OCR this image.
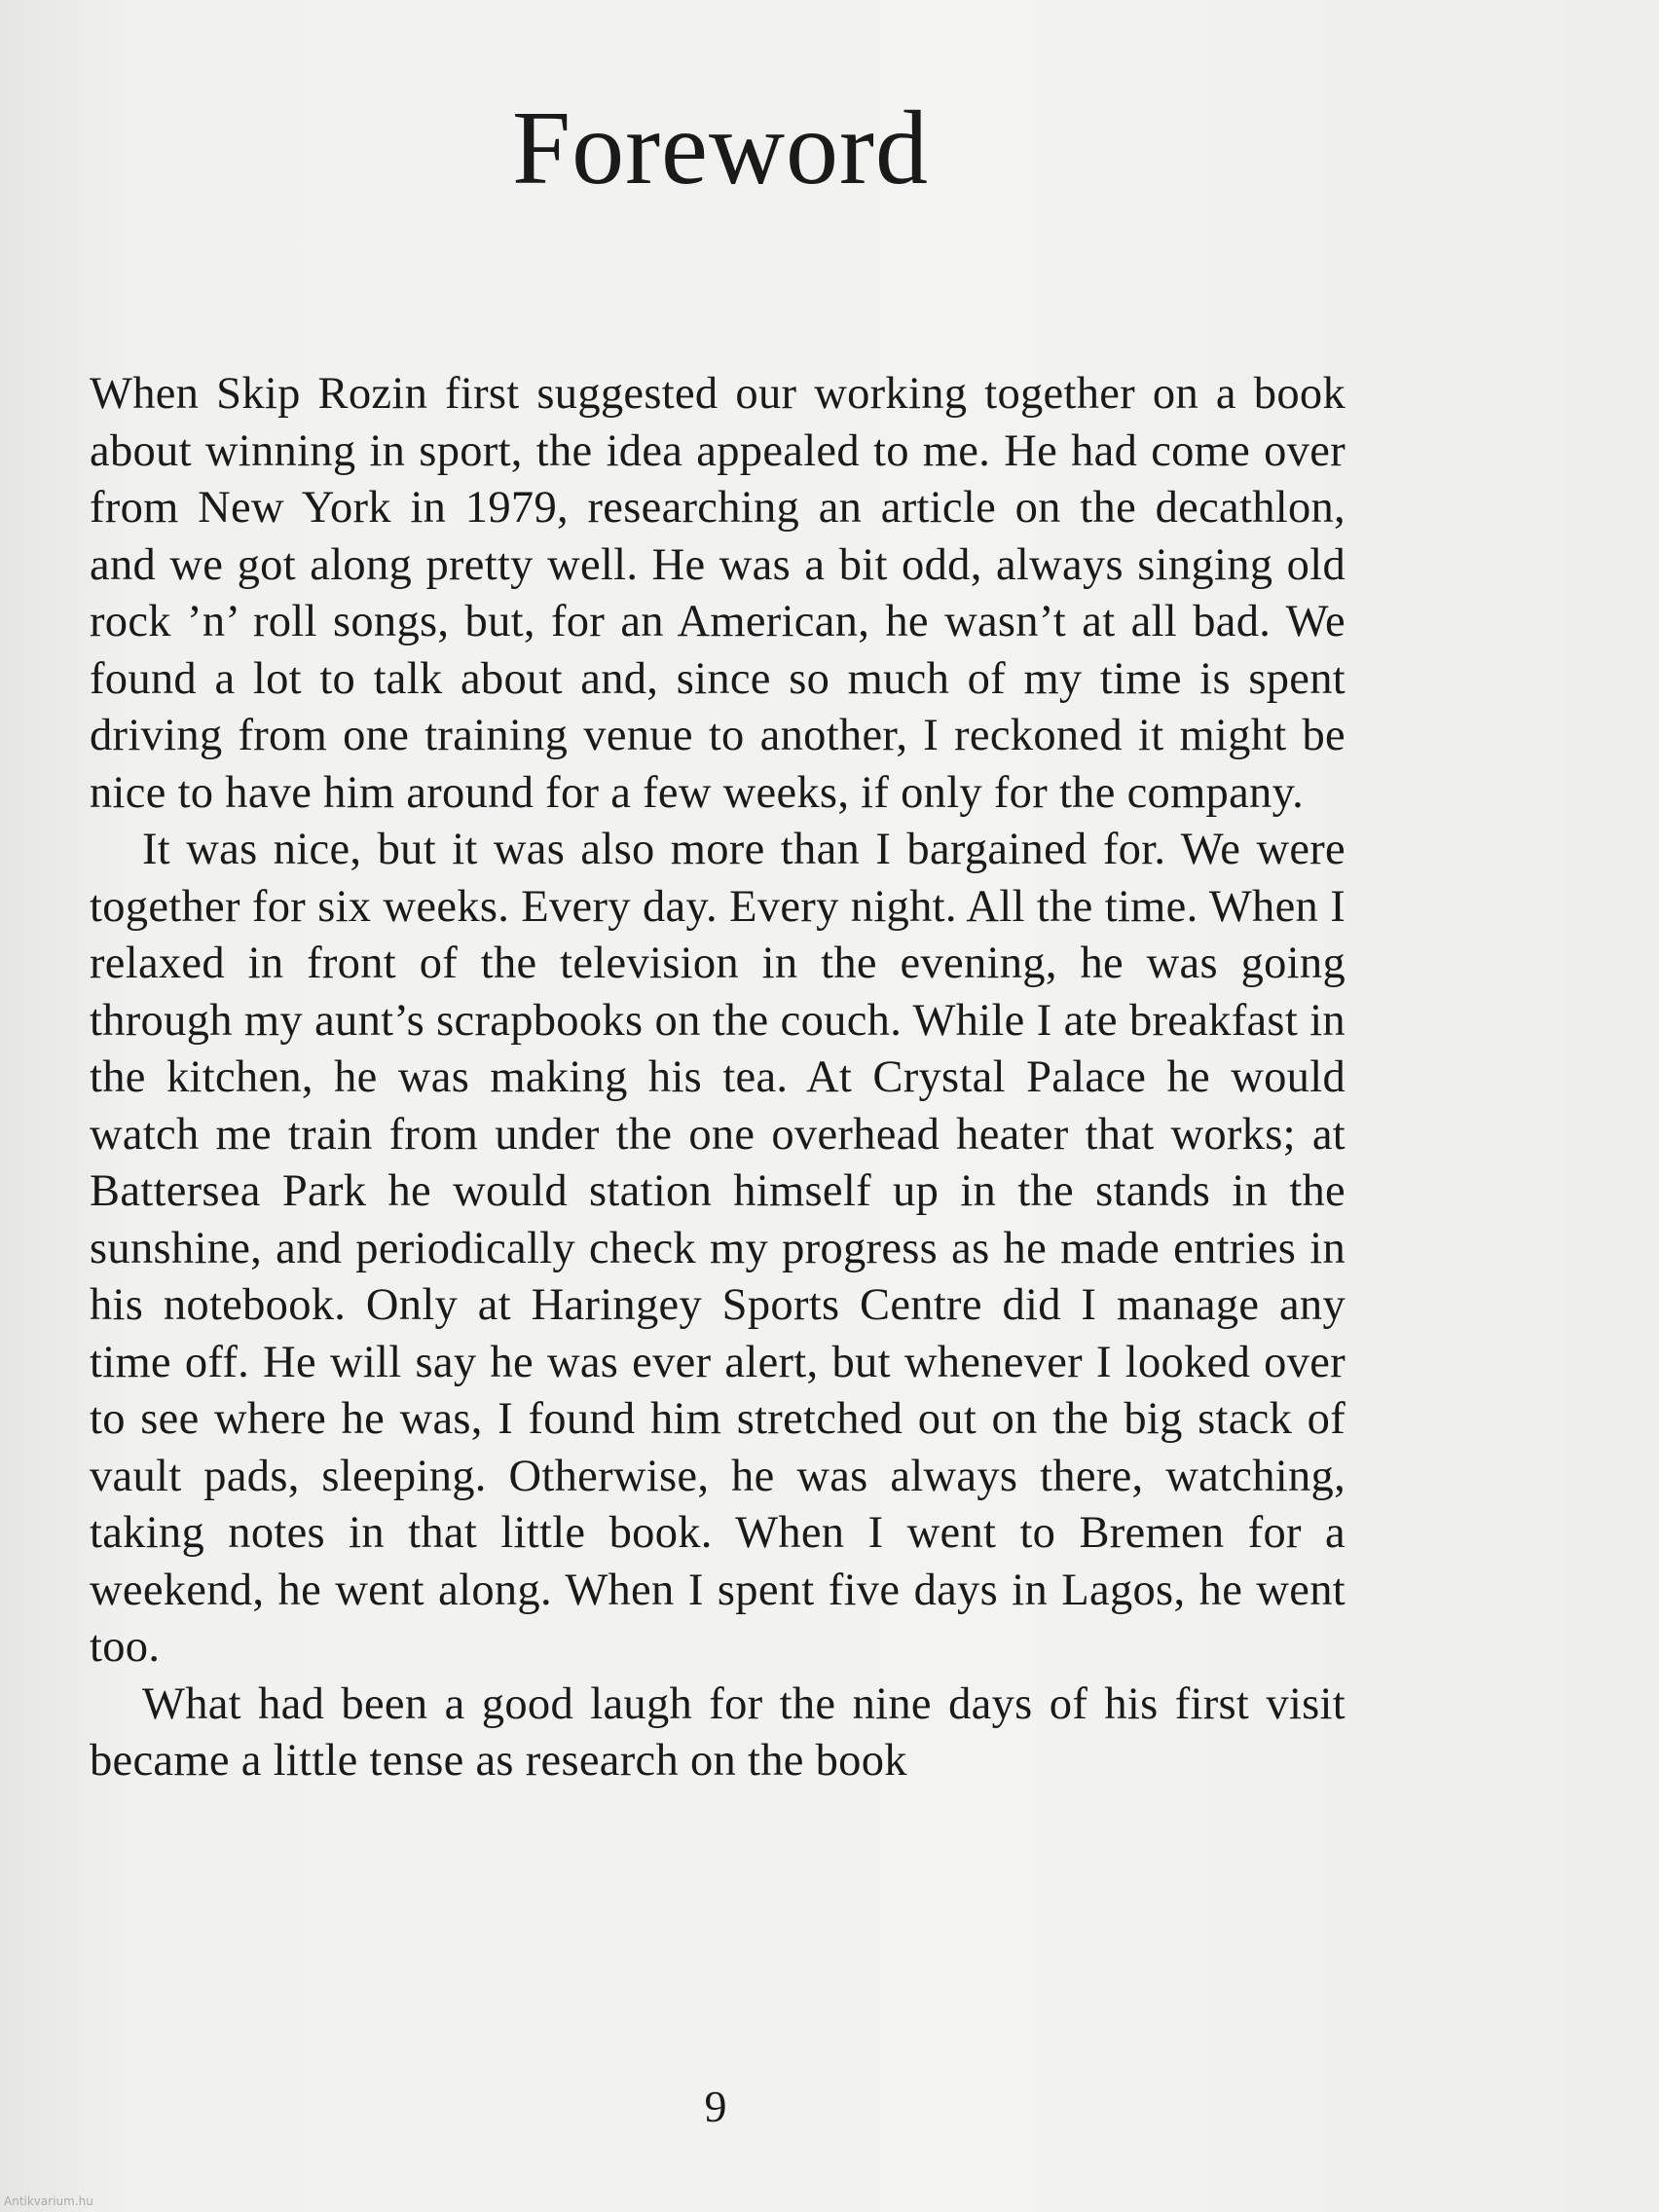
Foreword

When Skip Rozin first suggested our working together on a book about winning in sport, the idea appealed to me. He had come over from New York in 1979, researching an article on the decathlon, and we got along pretty well. He was a bit odd, always singing old rock ’n’ roll songs, but, for an American, he wasn’t at all bad. We found a lot to talk about and, since so much of my time is spent driving from one training venue to another, I reckoned it might be nice to have him around for a few weeks, if only for the company.

It was nice, but it was also more than I bargained for. We were together for six weeks. Every day. Every night. All the time. When I relaxed in front of the television in the evening, he was going through my aunt’s scrapbooks on the couch. While I ate breakfast in the kitchen, he was making his tea. At Crystal Palace he would watch me train from under the one overhead heater that works; at Battersea Park he would station himself up in the stands in the sunshine, and periodically check my progress as he made entries in his notebook. Only at Haringey Sports Centre did I manage any time off. He will say he was ever alert, but whenever I looked over to see where he was, I found him stretched out on the big stack of vault pads, sleeping. Otherwise, he was always there, watching, taking notes in that little book. When I went to Bremen for a weekend, he went along. When I spent five days in Lagos, he went too.

What had been a good laugh for the nine days of his first visit became a little tense as research on the book

9
Antikvarium.hu
